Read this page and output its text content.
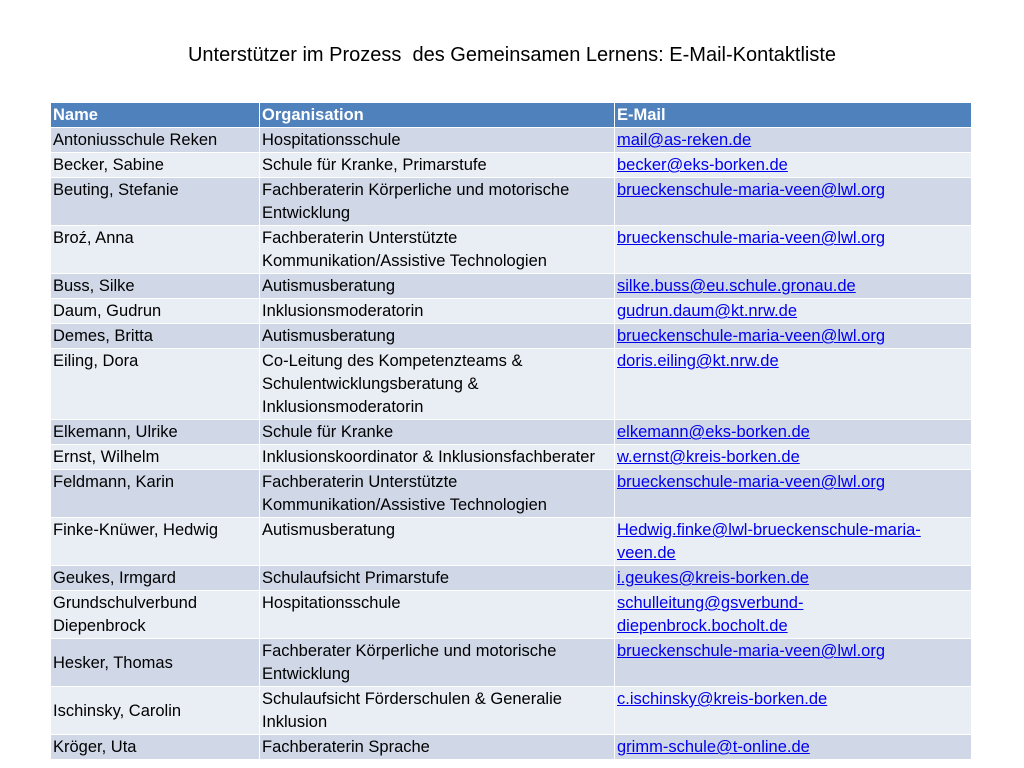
Unterstützer im Prozess  des Gemeinsamen Lernens: E-Mail-Kontaktliste
Name	Organisation	E-Mail
Antoniusschule Reken	Hospitationsschule	mail@as-reken.de
Becker, Sabine	Schule für Kranke, Primarstufe	becker@eks-borken.de
Beuting, Stefanie	Fachberaterin Körperliche und motorische Entwicklung	brueckenschule-maria-veen@lwl.org
Broź, Anna	Fachberaterin Unterstützte Kommunikation/Assistive Technologien	brueckenschule-maria-veen@lwl.org
Buss, Silke	Autismusberatung	silke.buss@eu.schule.gronau.de
Daum, Gudrun	Inklusionsmoderatorin	gudrun.daum@kt.nrw.de
Demes, Britta	Autismusberatung	brueckenschule-maria-veen@lwl.org
Eiling, Dora	Co-Leitung des Kompetenzteams & Schulentwicklungsberatung & Inklusionsmoderatorin	doris.eiling@kt.nrw.de
Elkemann, Ulrike	Schule für Kranke	elkemann@eks-borken.de
Ernst, Wilhelm	Inklusionskoordinator & Inklusionsfachberater	w.ernst@kreis-borken.de
Feldmann, Karin	Fachberaterin Unterstützte Kommunikation/Assistive Technologien	brueckenschule-maria-veen@lwl.org
Finke-Knüwer, Hedwig	Autismusberatung	Hedwig.finke@lwl-brueckenschule-maria-veen.de
Geukes, Irmgard	Schulaufsicht Primarstufe	i.geukes@kreis-borken.de
Grundschulverbund Diepenbrock	Hospitationsschule	schulleitung@gsverbund-diepenbrock.bocholt.de
Hesker, Thomas	Fachberater Körperliche und motorische Entwicklung	brueckenschule-maria-veen@lwl.org
Ischinsky, Carolin	Schulaufsicht Förderschulen & Generalie Inklusion	c.ischinsky@kreis-borken.de
Kröger, Uta	Fachberaterin Sprache	grimm-schule@t-online.de
